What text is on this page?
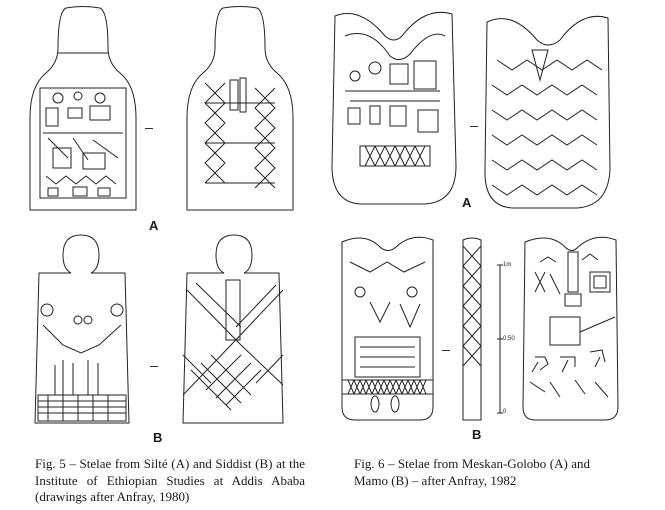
A
B
Fig. 5 – Stelae from Silté (A) and Siddist (B) at the Institute of Ethiopian Studies at Addis Ababa (drawings after Anfray, 1980)
A
1m
0,50
0
B
Fig. 6 – Stelae from Meskan-Golobo (A) and Mamo (B) – after Anfray, 1982
